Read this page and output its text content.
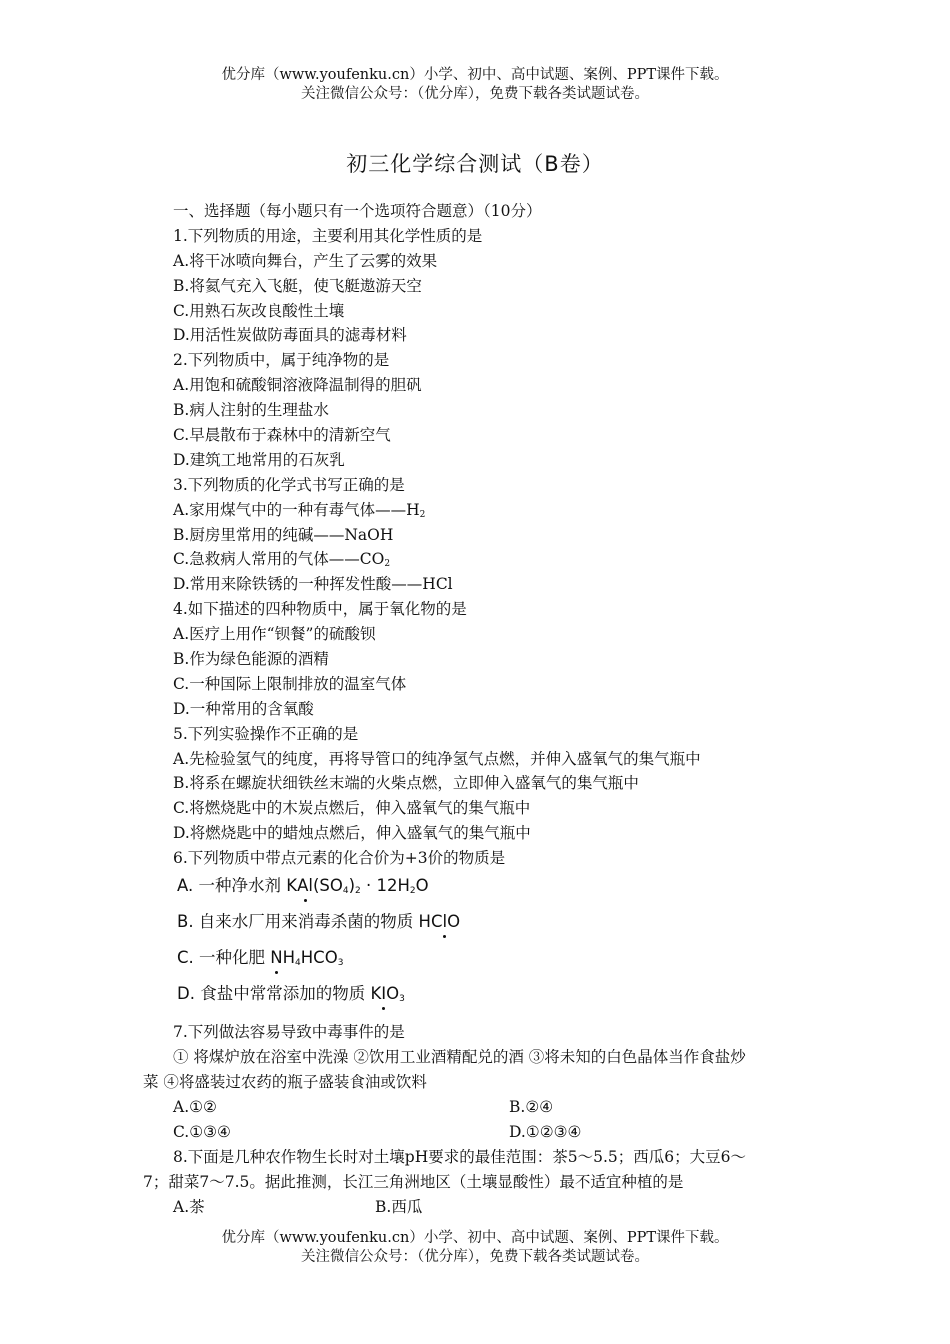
优分库（www.youfenku.cn）小学、初中、高中试题、案例、PPT课件下载。
关注微信公众号：（优分库），免费下载各类试题试卷。
初三化学综合测试（B卷）
一、选择题（每小题只有一个选项符合题意）（10分）
1.下列物质的用途，主要利用其化学性质的是
A.将干冰喷向舞台，产生了云雾的效果
B.将氦气充入飞艇，使飞艇遨游天空
C.用熟石灰改良酸性土壤
D.用活性炭做防毒面具的滤毒材料
2.下列物质中，属于纯净物的是
A.用饱和硫酸铜溶液降温制得的胆矾
B.病人注射的生理盐水
C.早晨散布于森林中的清新空气
D.建筑工地常用的石灰乳
3.下列物质的化学式书写正确的是
A.家用煤气中的一种有毒气体$——H_2$
B.厨房里常用的纯碱——NaOH
C.急救病人常用的气体$——CO_2$
D.常用来除铁锈的一种挥发性酸——HCl
4.如下描述的四种物质中，属于氧化物的是
A.医疗上用作“钡餐”的硫酸钡
B.作为绿色能源的酒精
C.一种国际上限制排放的温室气体
D.一种常用的含氧酸
5.下列实验操作不正确的是
A.先检验氢气的纯度，再将导管口的纯净氢气点燃，并伸入盛氧气的集气瓶中
B.将系在螺旋状细铁丝末端的火柴点燃，立即伸入盛氧气的集气瓶中
C.将燃烧匙中的木炭点燃后，伸入盛氧气的集气瓶中
D.将燃烧匙中的蜡烛点燃后，伸入盛氧气的集气瓶中
6.下列物质中带点元素的化合价为+3价的物质是
A. 一种净水剂 $KAl(SO_4)_2 \cdot 12H_2O$
B. 自来水厂用来消毒杀菌的物质 HClO
C. 一种化肥 $NH_4HCO_3$
D. 食盐中常常添加的物质 $KIO_3$
7.下列做法容易导致中毒事件的是
① 将煤炉放在浴室中洗澡 ②饮用工业酒精配兑的酒 ③将未知的白色晶体当作食盐炒
菜 ④将盛装过农药的瓶子盛装食油或饮料
A.①②	B.②④
C.①③④	D.①②③④
8.下面是几种农作物生长时对土壤pH要求的最佳范围：茶5～5.5；西瓜6；大豆6～
7；甜菜7～7.5。据此推测，长江三角洲地区（土壤显酸性）最不适宜种植的是
A.茶	B.西瓜
优分库（www.youfenku.cn）小学、初中、高中试题、案例、PPT课件下载。
关注微信公众号：（优分库），免费下载各类试题试卷。
